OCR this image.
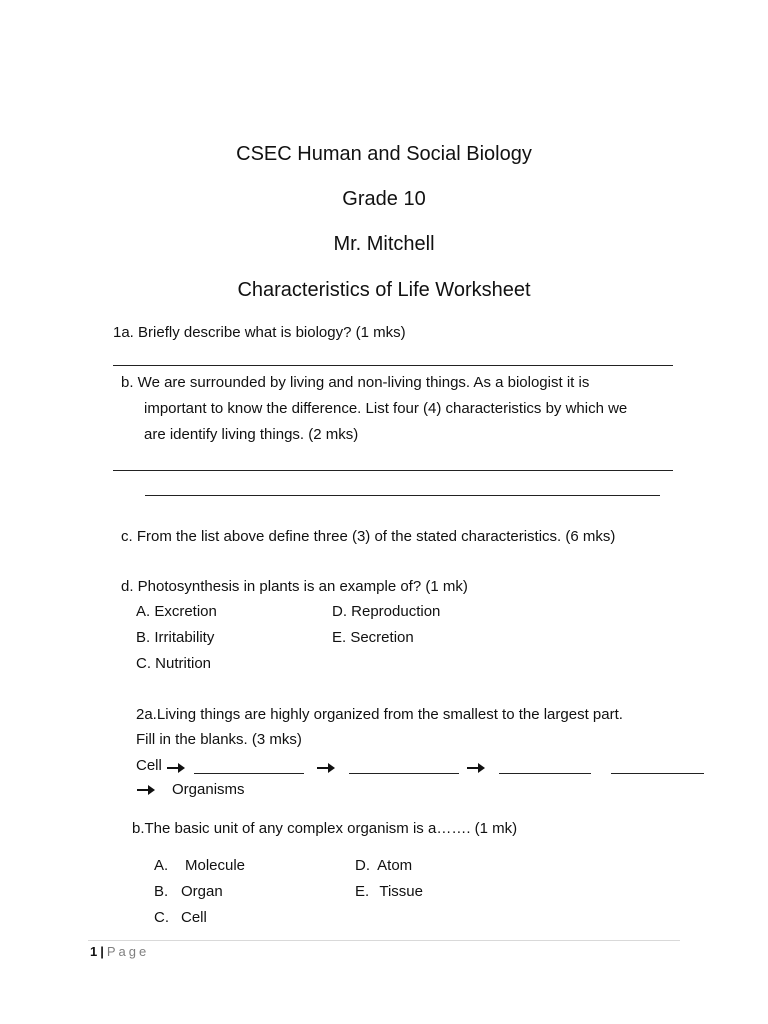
CSEC Human and Social Biology
Grade 10
Mr. Mitchell
Characteristics of Life Worksheet
1a. Briefly describe what is biology? (1 mks)
b. We are surrounded by living and non-living things. As a biologist it is
important to know the difference. List four (4) characteristics by which we
are identify living things. (2 mks)
c. From the list above define three (3) of the stated characteristics. (6 mks)
d. Photosynthesis in plants is an example of? (1 mk)
A. Excretion
B. Irritability
C. Nutrition
D. Reproduction
E. Secretion
2a.Living things are highly organized from the smallest to the largest part.
Fill in the blanks. (3 mks)
Cell
Organisms
b.The basic unit of any complex organism is a……. (1 mk)
A. Molecule
B. Organ
C. Cell
D. Atom
E. Tissue
1 | Page
